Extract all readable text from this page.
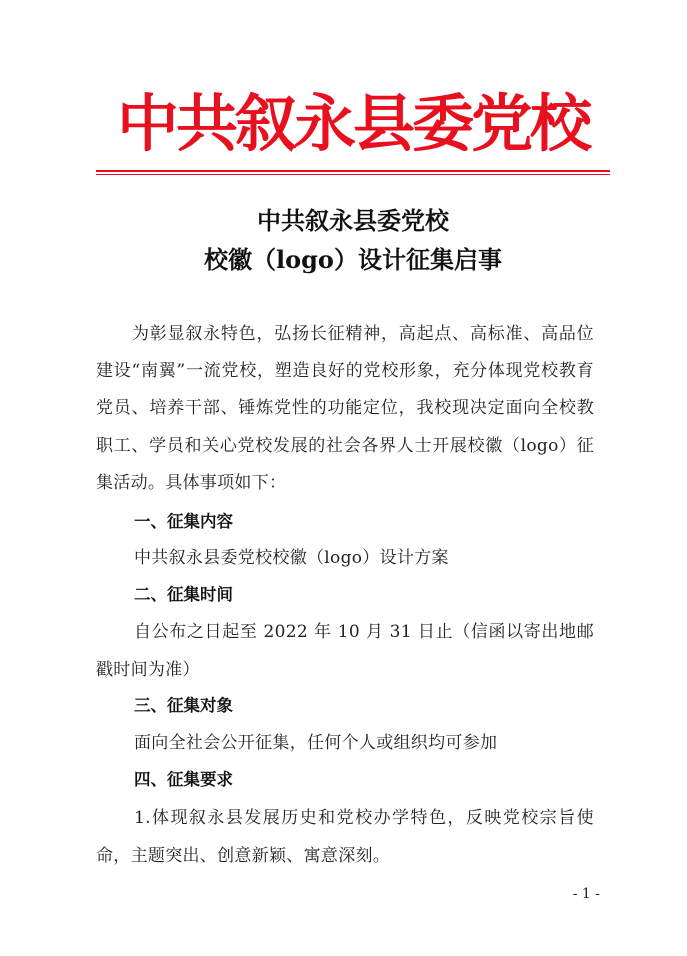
中共叙永县委党校
中共叙永县委党校
校徽（logo）设计征集启事
为彰显叙永特色，弘扬长征精神，高起点、高标准、高品位建设“南翼”一流党校，塑造良好的党校形象，充分体现党校教育党员、培养干部、锤炼党性的功能定位，我校现决定面向全校教职工、学员和关心党校发展的社会各界人士开展校徽（logo）征集活动。具体事项如下：
一、征集内容
中共叙永县委党校校徽（logo）设计方案
二、征集时间
自公布之日起至 2022 年 10 月 31 日止（信函以寄出地邮戳时间为准）
三、征集对象
面向全社会公开征集，任何个人或组织均可参加
四、征集要求
1.体现叙永县发展历史和党校办学特色，反映党校宗旨使命，主题突出、创意新颖、寓意深刻。
- 1 -
